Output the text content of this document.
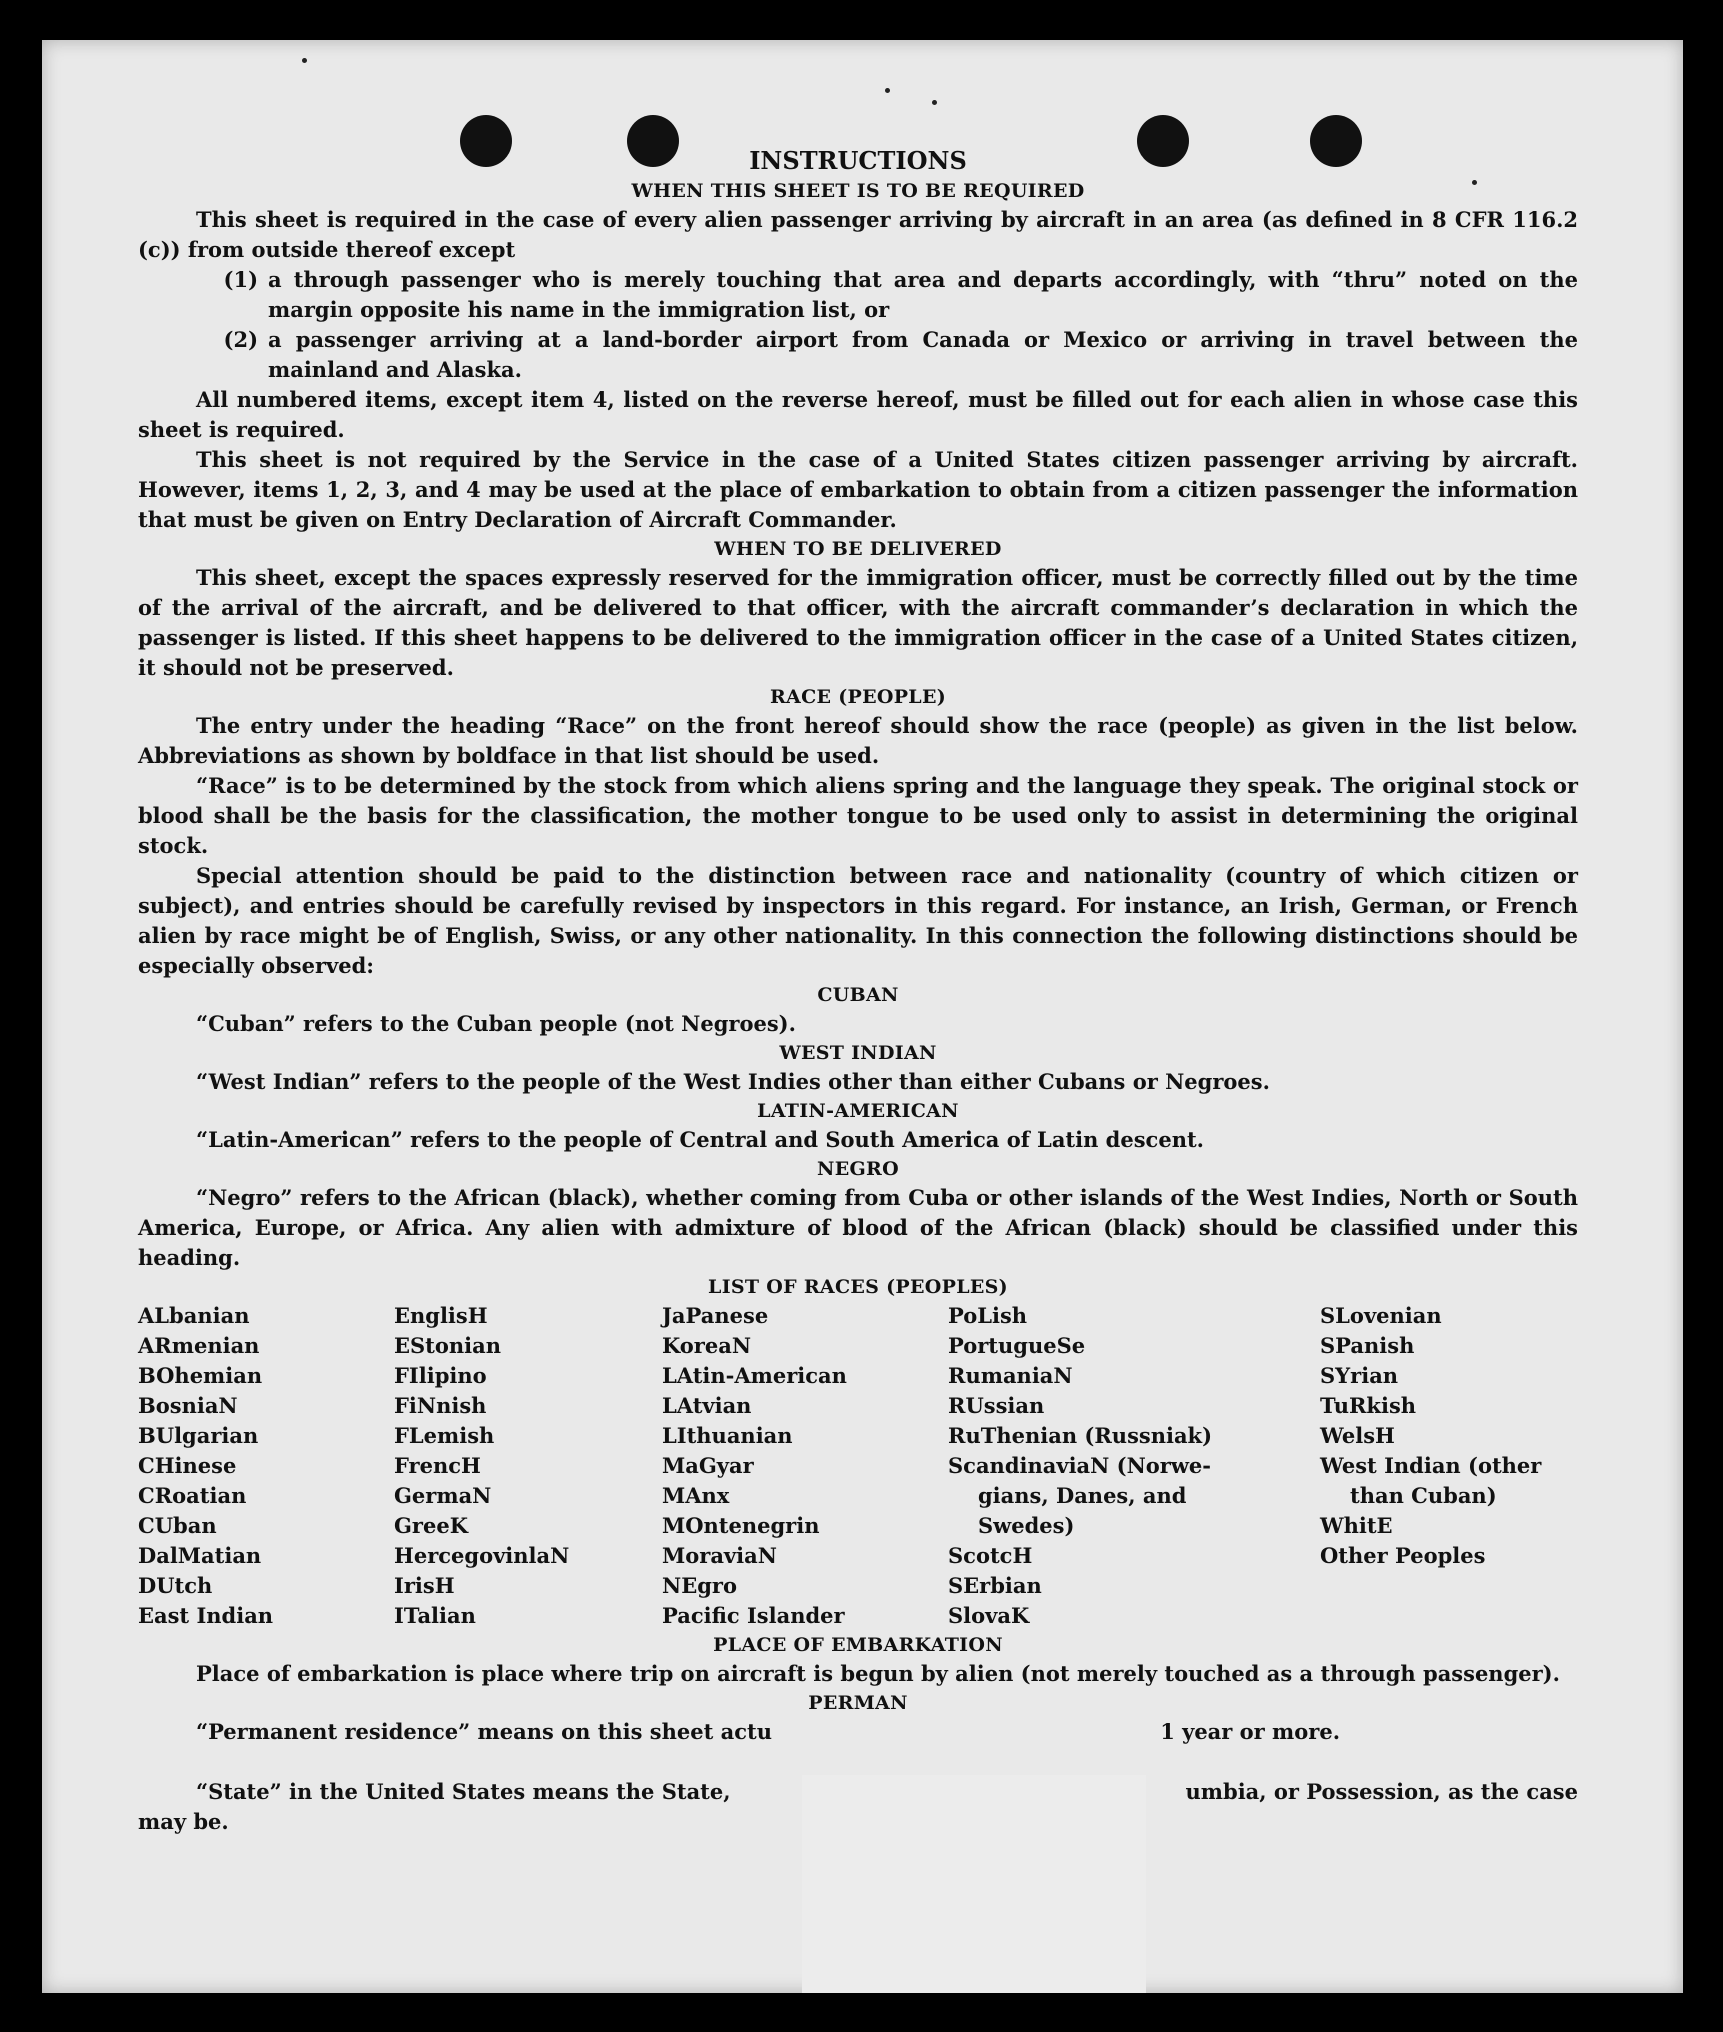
INSTRUCTIONS
WHEN THIS SHEET IS TO BE REQUIRED

This sheet is required in the case of every alien passenger arriving by aircraft in an area (as defined in 8 CFR 116.2 (c)) from outside thereof except

(1) a through passenger who is merely touching that area and departs accordingly, with “thru” noted on the margin opposite his name in the immigration list, or
(2) a passenger arriving at a land-border airport from Canada or Mexico or arriving in travel between the mainland and Alaska.

All numbered items, except item 4, listed on the reverse hereof, must be filled out for each alien in whose case this sheet is required.

This sheet is not required by the Service in the case of a United States citizen passenger arriving by aircraft. However, items 1, 2, 3, and 4 may be used at the place of embarkation to obtain from a citizen passenger the information that must be given on Entry Declaration of Aircraft Commander.

WHEN TO BE DELIVERED

This sheet, except the spaces expressly reserved for the immigration officer, must be correctly filled out by the time of the arrival of the aircraft, and be delivered to that officer, with the aircraft commander’s declaration in which the passenger is listed. If this sheet happens to be delivered to the immigration officer in the case of a United States citizen, it should not be preserved.

RACE (PEOPLE)

The entry under the heading “Race” on the front hereof should show the race (people) as given in the list below. Abbreviations as shown by boldface in that list should be used.

“Race” is to be determined by the stock from which aliens spring and the language they speak. The original stock or blood shall be the basis for the classification, the mother tongue to be used only to assist in determining the original stock.

Special attention should be paid to the distinction between race and nationality (country of which citizen or subject), and entries should be carefully revised by inspectors in this regard. For instance, an Irish, German, or French alien by race might be of English, Swiss, or any other nationality. In this connection the following distinctions should be especially observed:

CUBAN

“Cuban” refers to the Cuban people (not Negroes).

WEST INDIAN

“West Indian” refers to the people of the West Indies other than either Cubans or Negroes.

LATIN-AMERICAN

“Latin-American” refers to the people of Central and South America of Latin descent.

NEGRO

“Negro” refers to the African (black), whether coming from Cuba or other islands of the West Indies, North or South America, Europe, or Africa. Any alien with admixture of blood of the African (black) should be classified under this heading.

LIST OF RACES (PEOPLES)
ALbanian
ARmenian
BOhemian
BosniaN
BUlgarian
CHinese
CRoatian
CUban
DalMatian
DUtch
East Indian
EnglisH
EStonian
FIlipino
FiNnish
FLemish
FrencH
GermaN
GreeK
HercegovinlaN
IrisH
ITalian
JaPanese
KoreaN
LAtin-American
LAtvian
LIthuanian
MaGyar
MAnx
MOntenegrin
MoraviaN
NEgro
Pacific Islander
PoLish
PortugueSe
RumaniaN
RUssian
RuThenian (Russniak)
ScandinaviaN (Norwe-
gians, Danes, and
Swedes)
ScotcH
SErbian
SlovaK
SLovenian
SPanish
SYrian
TuRkish
WelsH
West Indian (other
than Cuban)
WhitE
Other Peoples
PLACE OF EMBARKATION

Place of embarkation is place where trip on aircraft is begun by alien (not merely touched as a through passenger).

PERMAN
“Permanent residence” means on this sheet actu	1 year or more.
“State” in the United States means the State,	umbia, or Possession, as the case
may be.
